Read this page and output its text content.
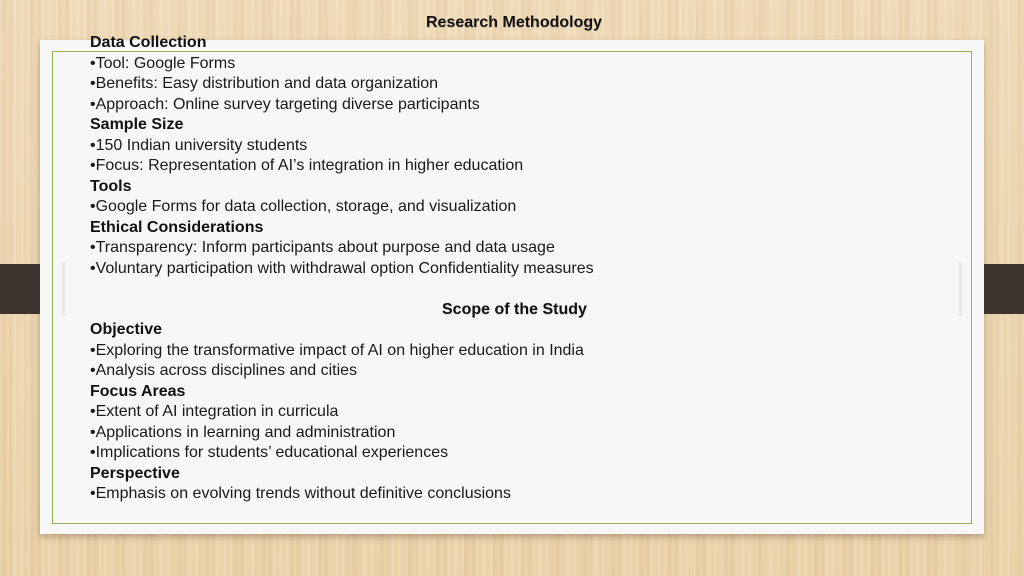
Research Methodology
Data Collection
•Tool: Google Forms
•Benefits: Easy distribution and data organization
•Approach: Online survey targeting diverse participants
Sample Size
•150 Indian university students
•Focus: Representation of AI’s integration in higher education
Tools
•Google Forms for data collection, storage, and visualization
Ethical Considerations
•Transparency: Inform participants about purpose and data usage
•Voluntary participation with withdrawal option Confidentiality measures
Scope of the Study
Objective
•Exploring the transformative impact of AI on higher education in India
•Analysis across disciplines and cities
Focus Areas
•Extent of AI integration in curricula
•Applications in learning and administration
•Implications for students’ educational experiences
Perspective
•Emphasis on evolving trends without definitive conclusions
